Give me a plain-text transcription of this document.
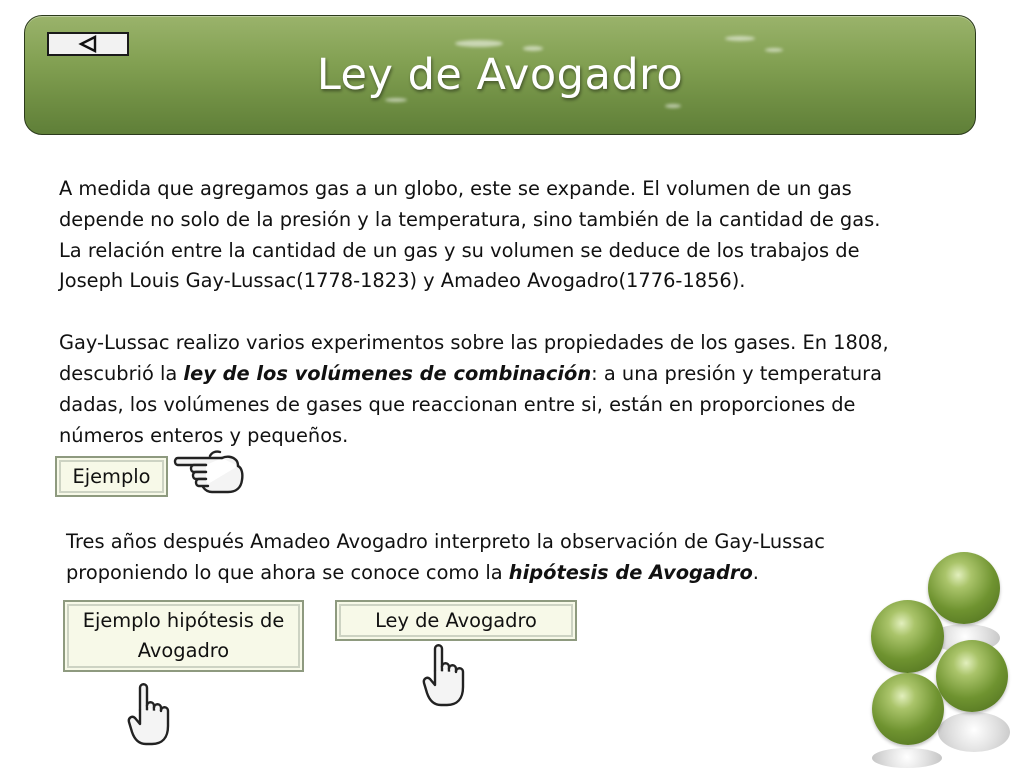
Ley de Avogadro

A medida que agregamos gas a un globo, este se expande. El volumen de un gas

depende no solo de la presión y la temperatura, sino también de la cantidad de gas.

La relación entre la cantidad de un gas y su volumen se deduce de los trabajos de

Joseph Louis Gay-Lussac(1778-1823) y Amadeo Avogadro(1776-1856).

Gay-Lussac realizo varios experimentos sobre las propiedades de los gases. En 1808,

descubrió la ley de los volúmenes de combinación: a una presión y temperatura

dadas, los volúmenes de gases que reaccionan entre si, están en proporciones de

números enteros y pequeños.

Ejemplo

Tres años después Amadeo Avogadro interpreto la observación de Gay-Lussac

proponiendo lo que ahora se conoce como la hipótesis de Avogadro.

Ejemplo hipótesis de
Avogadro
Ley de Avogadro
